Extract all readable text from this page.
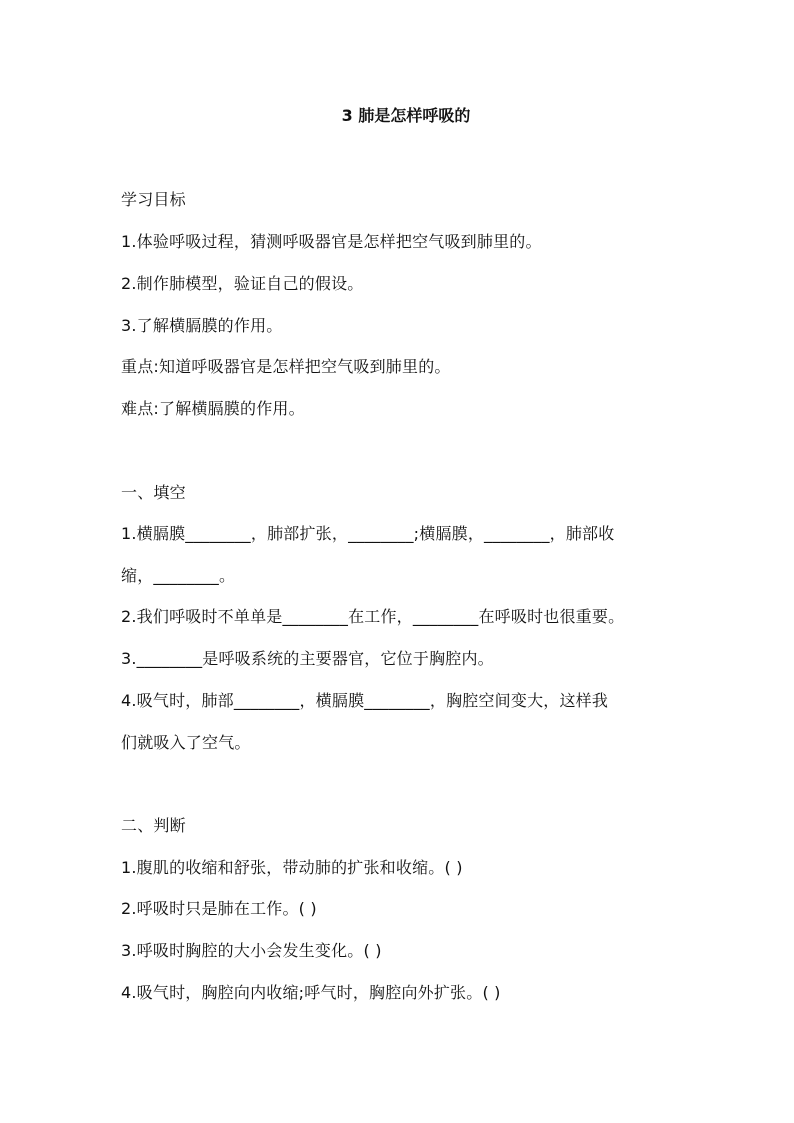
3 肺是怎样呼吸的
学习目标
1.体验呼吸过程，猜测呼吸器官是怎样把空气吸到肺里的。
2.制作肺模型，验证自己的假设。
3.了解横膈膜的作用。
重点:知道呼吸器官是怎样把空气吸到肺里的。
难点:了解横膈膜的作用。
一、填空
1.横膈膜________，肺部扩张，________;横膈膜，________，肺部收
缩，________。
2.我们呼吸时不单单是________在工作，________在呼吸时也很重要。
3.________是呼吸系统的主要器官，它位于胸腔内。
4.吸气时，肺部________，横膈膜________，胸腔空间变大，这样我
们就吸入了空气。
二、判断
1.腹肌的收缩和舒张，带动肺的扩张和收缩。( )
2.呼吸时只是肺在工作。( )
3.呼吸时胸腔的大小会发生变化。( )
4.吸气时，胸腔向内收缩;呼气时，胸腔向外扩张。( )
